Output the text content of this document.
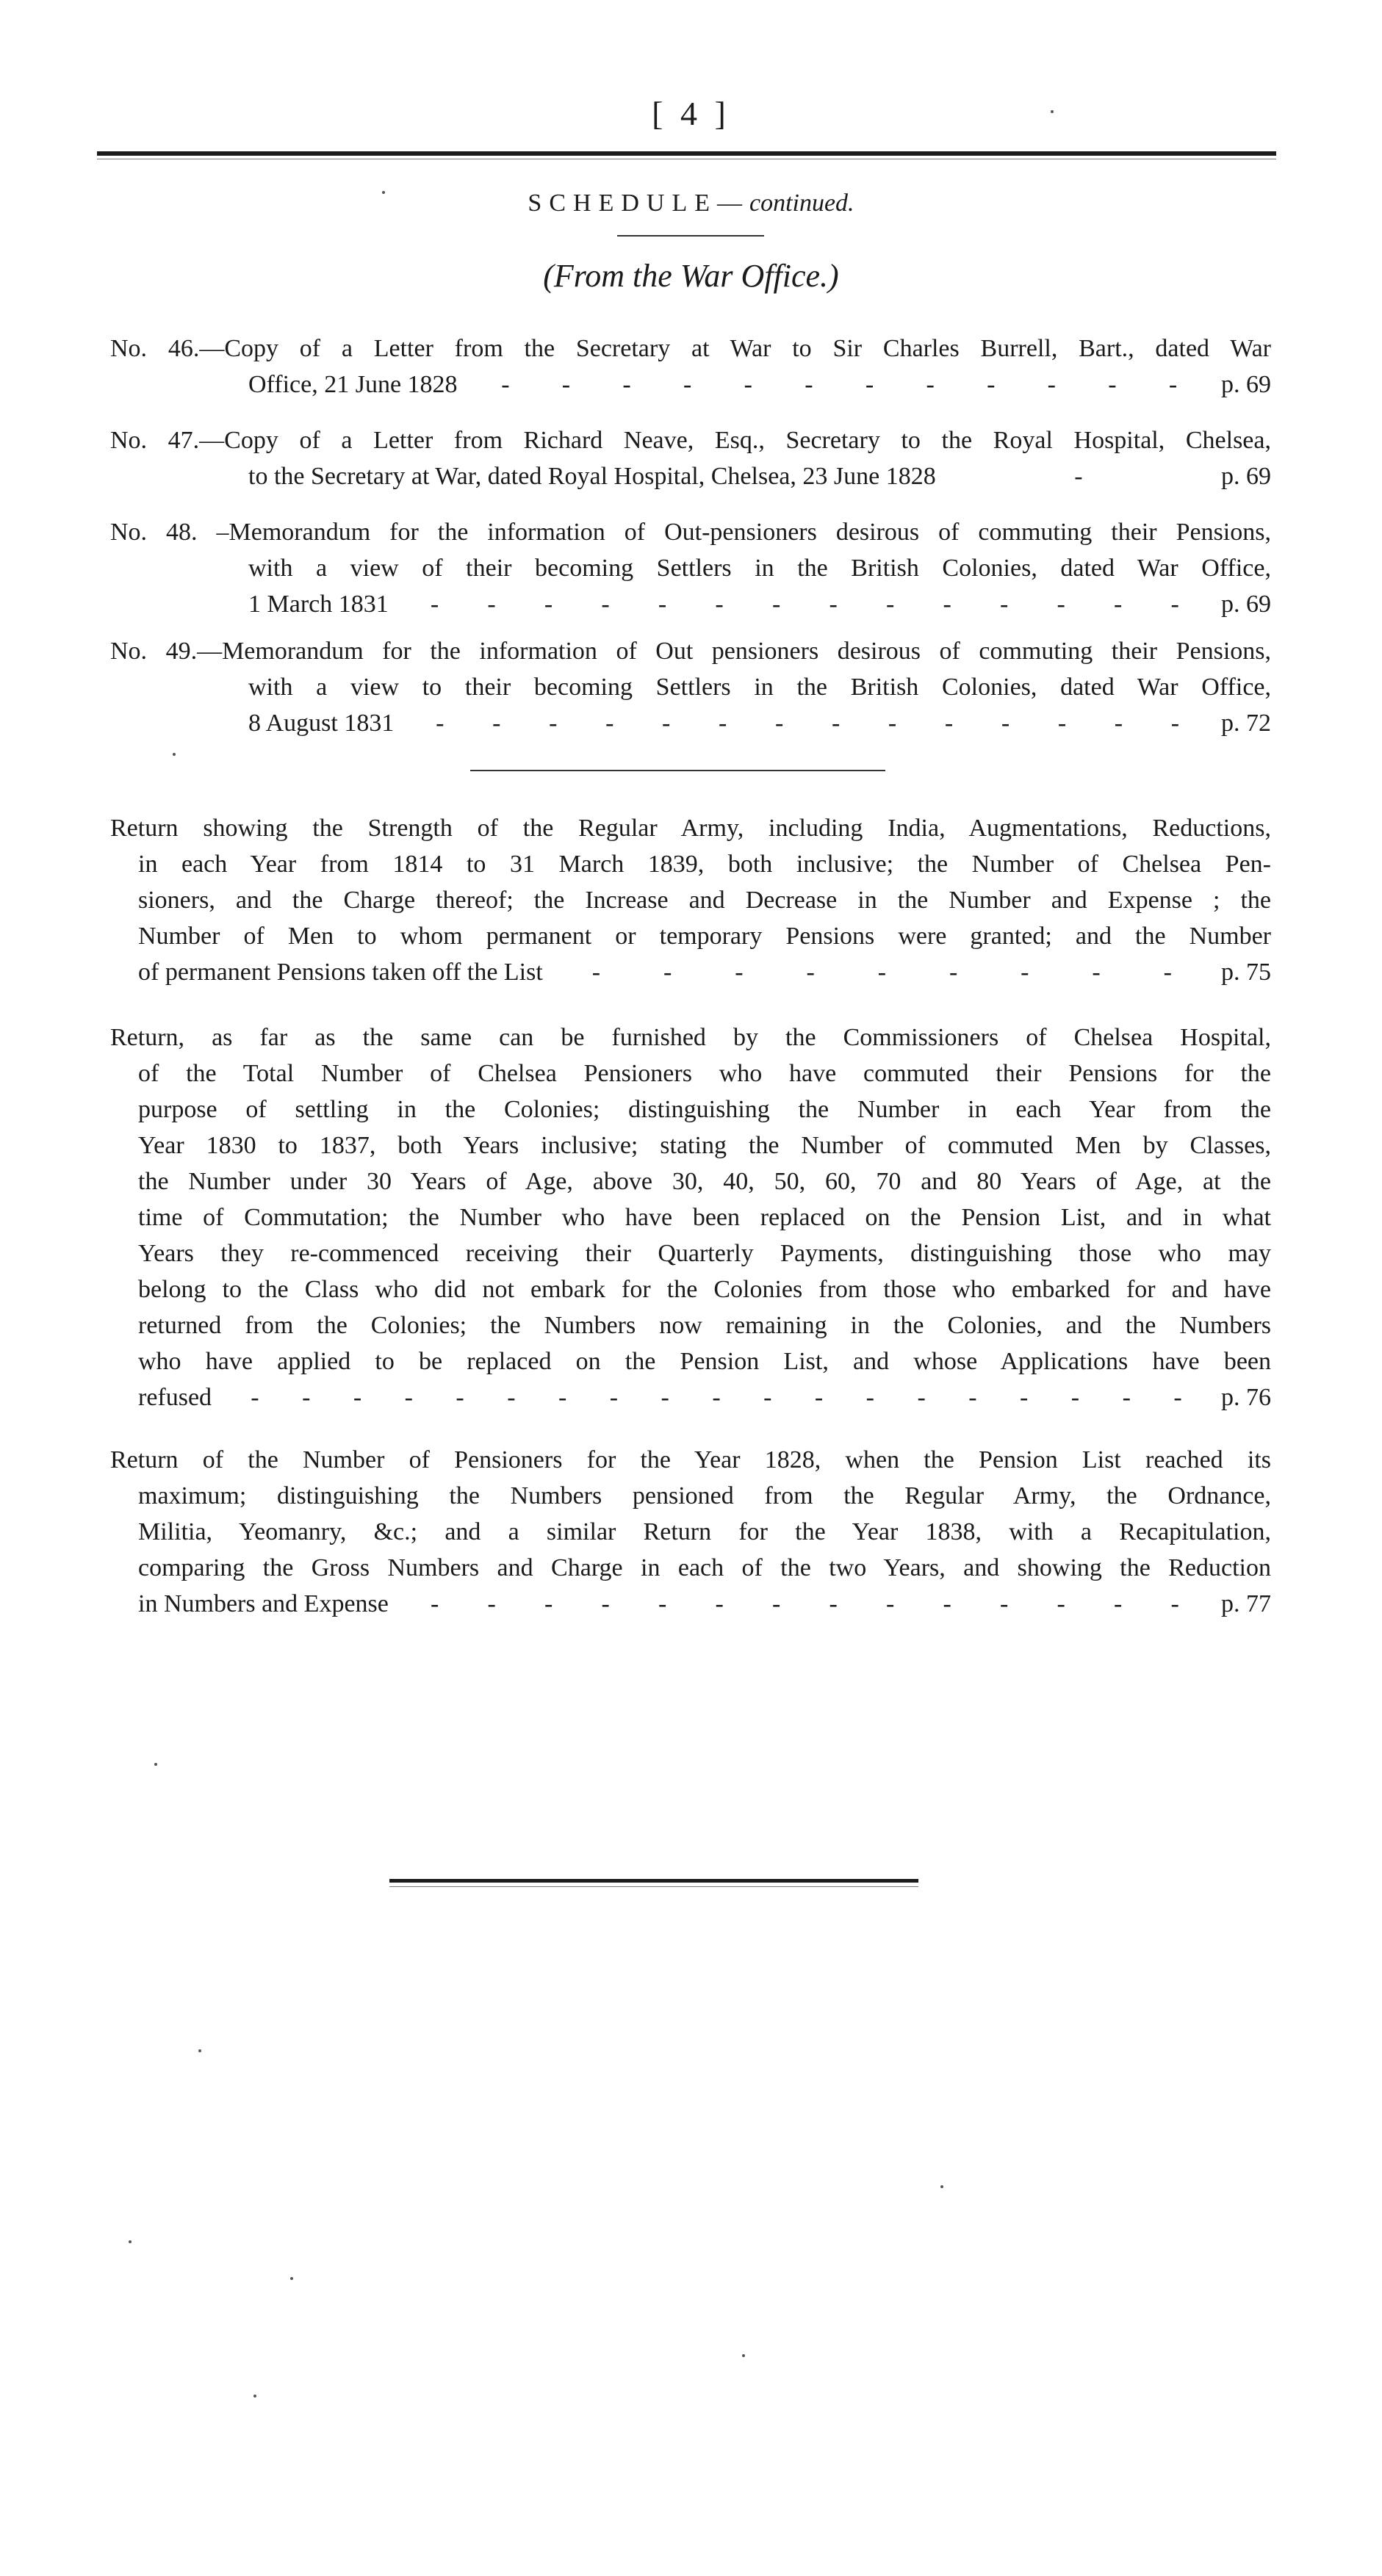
[ 4 ]
SCHEDULE—continued.
(From the War Office.)
No. 46.—Copy of a Letter from the Secretary at War to Sir Charles Burrell, Bart., dated War
Office, 21 June 1828 - - - - - - - - - - - - p. 69
No. 47.—Copy of a Letter from Richard Neave, Esq., Secretary to the Royal Hospital, Chelsea,
to the Secretary at War, dated Royal Hospital, Chelsea, 23 June 1828	-	p. 69
No. 48. –Memorandum for the information of Out-pensioners desirous of commuting their Pensions,
with a view of their becoming Settlers in the British Colonies, dated War Office,
1 March 1831 - - - - - - - - - - - - - - p. 69
No. 49.—Memorandum for the information of Out pensioners desirous of commuting their Pensions,
with a view to their becoming Settlers in the British Colonies, dated War Office,
8 August 1831 - - - - - - - - - - - - - - p. 72
Return showing the Strength of the Regular Army, including India, Augmentations, Reductions,
in each Year from 1814 to 31 March 1839, both inclusive; the Number of Chelsea Pen-
sioners, and the Charge thereof; the Increase and Decrease in the Number and Expense ; the
Number of Men to whom permanent or temporary Pensions were granted; and the Number
of permanent Pensions taken off the List -	-	-	-	-	-	-	-	- p. 75
Return, as far as the same can be furnished by the Commissioners of Chelsea Hospital,
of the Total Number of Chelsea Pensioners who have commuted their Pensions for the
purpose of settling in the Colonies; distinguishing the Number in each Year from the
Year 1830 to 1837, both Years inclusive; stating the Number of commuted Men by Classes,
the Number under 30 Years of Age, above 30, 40, 50, 60, 70 and 80 Years of Age, at the
time of Commutation; the Number who have been replaced on the Pension List, and in what
Years they re-commenced receiving their Quarterly Payments, distinguishing those who may
belong to the Class who did not embark for the Colonies from those who embarked for and have
returned from the Colonies; the Numbers now remaining in the Colonies, and the Numbers
who have applied to be replaced on the Pension List, and whose Applications have been
refused - - - - - - - - - - - - - - - - - - - p. 76
Return of the Number of Pensioners for the Year 1828, when the Pension List reached its
maximum; distinguishing the Numbers pensioned from the Regular Army, the Ordnance,
Militia, Yeomanry, &c.; and a similar Return for the Year 1838, with a Recapitulation,
comparing the Gross Numbers and Charge in each of the two Years, and showing the Reduction
in Numbers and Expense - - - - - - - - - - - - - - p. 77
